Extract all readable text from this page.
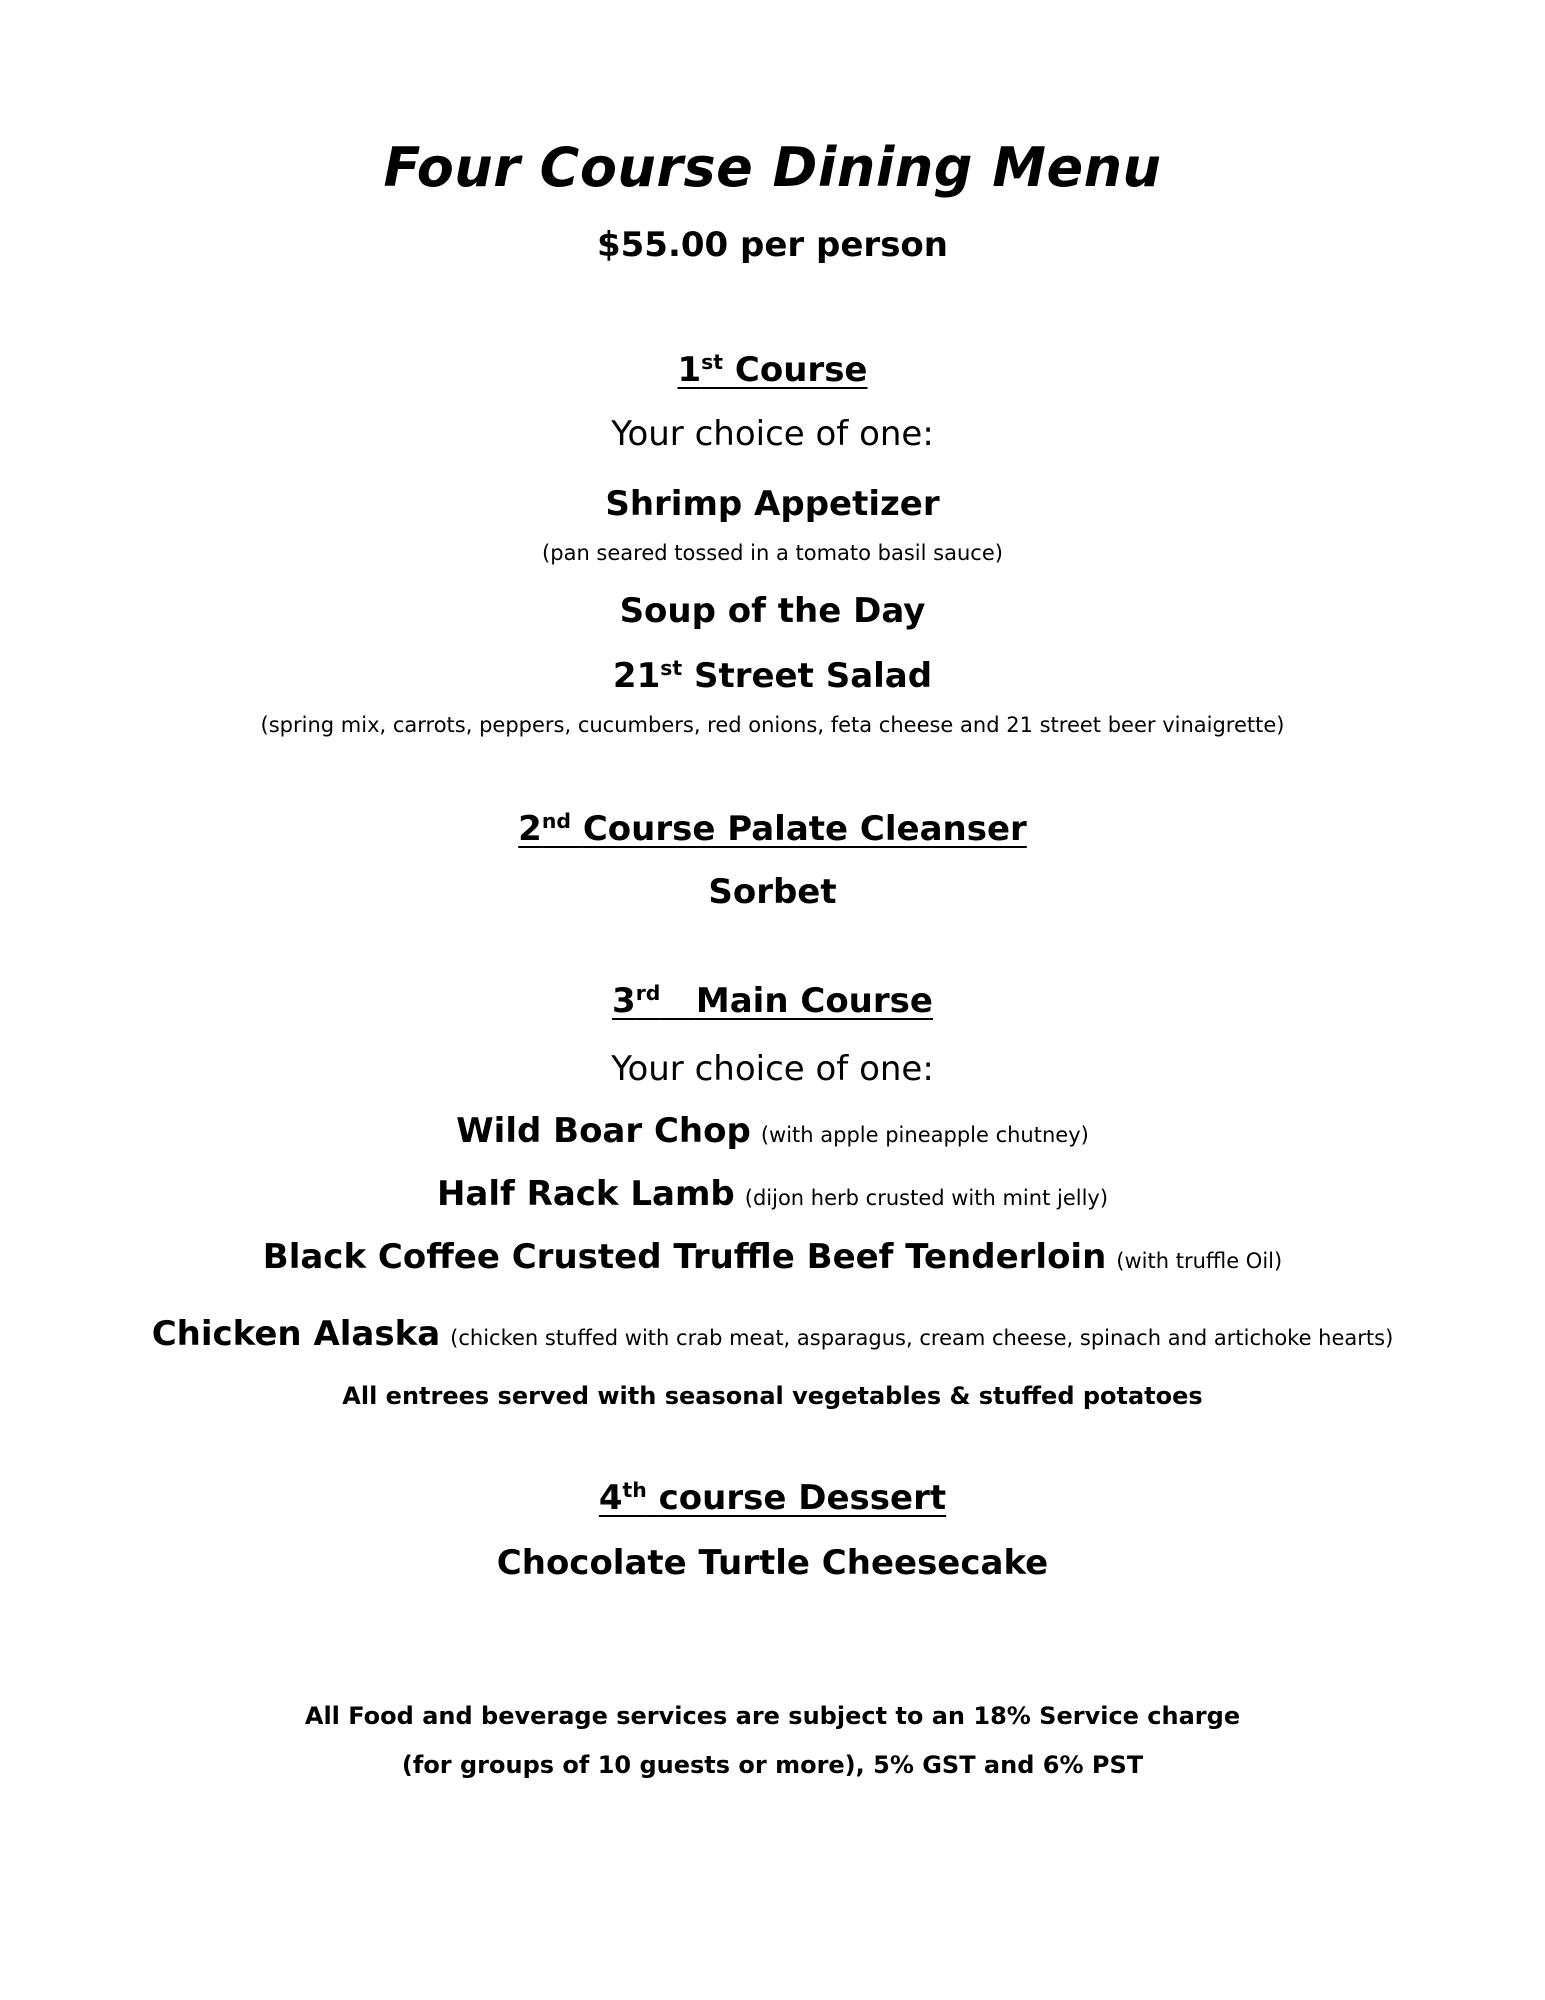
Four Course Dining Menu
$55.00 per person
1st Course
Your choice of one:
Shrimp Appetizer
(pan seared tossed in a tomato basil sauce)
Soup of the Day
21st Street Salad
(spring mix, carrots, peppers, cucumbers, red onions, feta cheese and 21 street beer vinaigrette)
2nd Course Palate Cleanser
Sorbet
3rd Main Course
Your choice of one:
Wild Boar Chop (with apple pineapple chutney)
Half Rack Lamb (dijon herb crusted with mint jelly)
Black Coffee Crusted Truffle Beef Tenderloin (with truffle Oil)
Chicken Alaska (chicken stuffed with crab meat, asparagus, cream cheese, spinach and artichoke hearts)
All entrees served with seasonal vegetables & stuffed potatoes
4th course Dessert
Chocolate Turtle Cheesecake
All Food and beverage services are subject to an 18% Service charge
(for groups of 10 guests or more), 5% GST and 6% PST
